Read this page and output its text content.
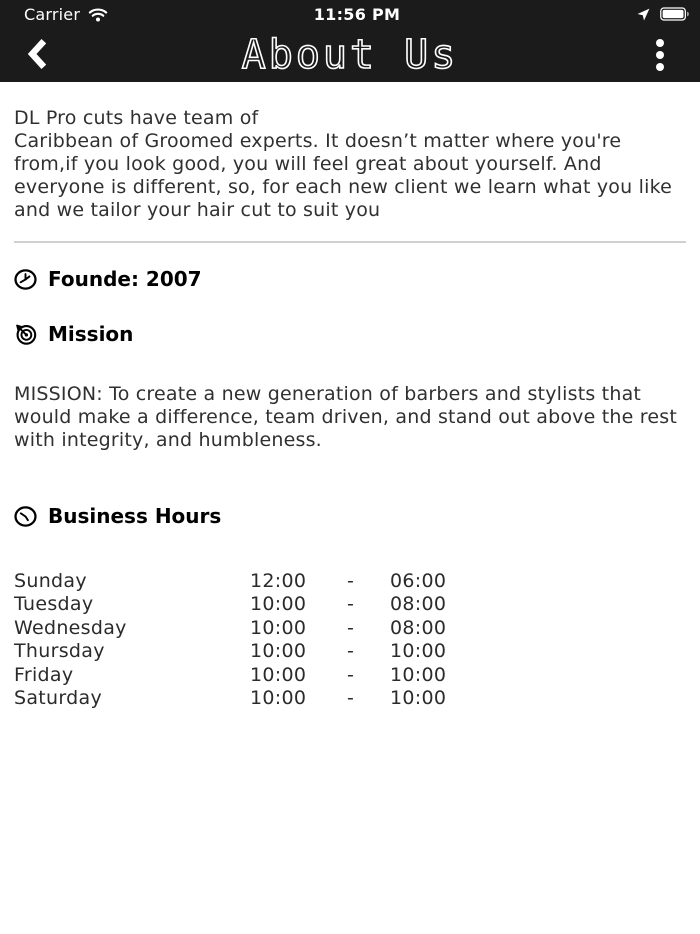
Carrier	11:56 PM
About Us

DL Pro cuts have team of
Caribbean of Groomed experts. It doesn’t matter where you're from,if you look good, you will feel great about yourself. And everyone is different, so, for each new client we learn what you like and we tailor your hair cut to suit you

Founde: 2007
Mission

MISSION: To create a new generation of barbers and stylists that would make a difference, team driven, and stand out above the rest with integrity, and humbleness.

Business Hours
Sunday	12:00	-	06:00
Tuesday	10:00	-	08:00
Wednesday	10:00	-	08:00
Thursday	10:00	-	10:00
Friday	10:00	-	10:00
Saturday	10:00	-	10:00
